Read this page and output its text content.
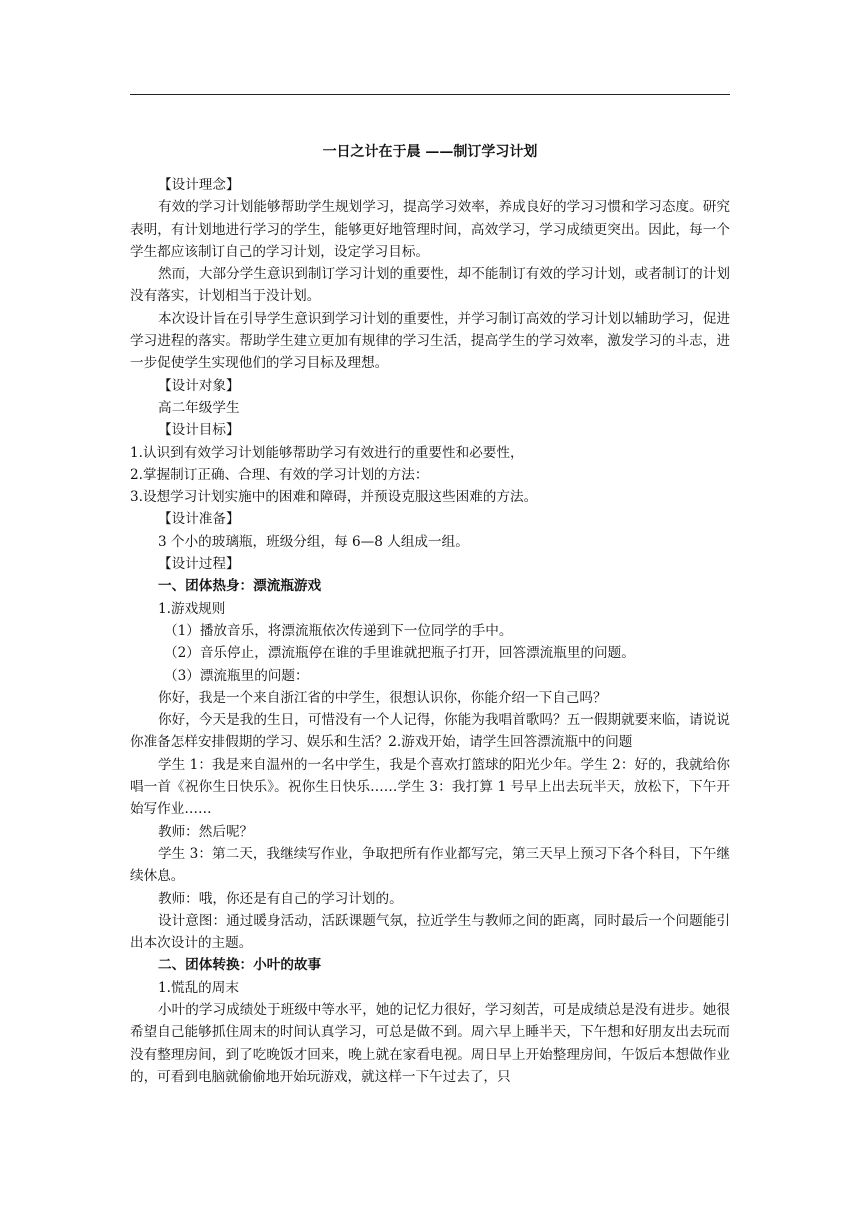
一日之计在于晨 ——制订学习计划

【设计理念】

有效的学习计划能够帮助学生规划学习，提高学习效率，养成良好的学习习惯和学习态度。研究表明，有计划地进行学习的学生，能够更好地管理时间，高效学习，学习成绩更突出。因此，每一个学生都应该制订自己的学习计划，设定学习目标。

然而，大部分学生意识到制订学习计划的重要性，却不能制订有效的学习计划，或者制订的计划没有落实，计划相当于没计划。

本次设计旨在引导学生意识到学习计划的重要性，并学习制订高效的学习计划以辅助学习，促进学习进程的落实。帮助学生建立更加有规律的学习生活，提高学生的学习效率，激发学习的斗志，进一步促使学生实现他们的学习目标及理想。

【设计对象】

高二年级学生

【设计目标】

1.认识到有效学习计划能够帮助学习有效进行的重要性和必要性，

2.掌握制订正确、合理、有效的学习计划的方法：

3.设想学习计划实施中的困难和障碍，并预设克服这些困难的方法。

【设计准备】

3 个小的玻璃瓶，班级分组，每 6—8 人组成一组。

【设计过程】

一、团体热身：漂流瓶游戏

1.游戏规则

（1）播放音乐，将漂流瓶依次传递到下一位同学的手中。

（2）音乐停止，漂流瓶停在谁的手里谁就把瓶子打开，回答漂流瓶里的问题。

（3）漂流瓶里的问题：

你好，我是一个来自浙江省的中学生，很想认识你，你能介绍一下自己吗？

你好，今天是我的生日，可惜没有一个人记得，你能为我唱首歌吗？五一假期就要来临，请说说你准备怎样安排假期的学习、娱乐和生活？2.游戏开始，请学生回答漂流瓶中的问题

学生 1：我是来自温州的一名中学生，我是个喜欢打篮球的阳光少年。学生 2：好的，我就给你唱一首《祝你生日快乐》。祝你生日快乐……学生 3：我打算 1 号早上出去玩半天，放松下，下午开始写作业……

教师：然后呢？

学生 3：第二天，我继续写作业，争取把所有作业都写完，第三天早上预习下各个科目，下午继续休息。

教师：哦，你还是有自己的学习计划的。

设计意图：通过暖身活动，活跃课题气氛，拉近学生与教师之间的距离，同时最后一个问题能引出本次设计的主题。

二、团体转换：小叶的故事

1.慌乱的周末

小叶的学习成绩处于班级中等水平，她的记忆力很好，学习刻苦，可是成绩总是没有进步。她很希望自己能够抓住周末的时间认真学习，可总是做不到。周六早上睡半天，下午想和好朋友出去玩而没有整理房间，到了吃晚饭才回来，晚上就在家看电视。周日早上开始整理房间，午饭后本想做作业的，可看到电脑就偷偷地开始玩游戏，就这样一下午过去了，只
